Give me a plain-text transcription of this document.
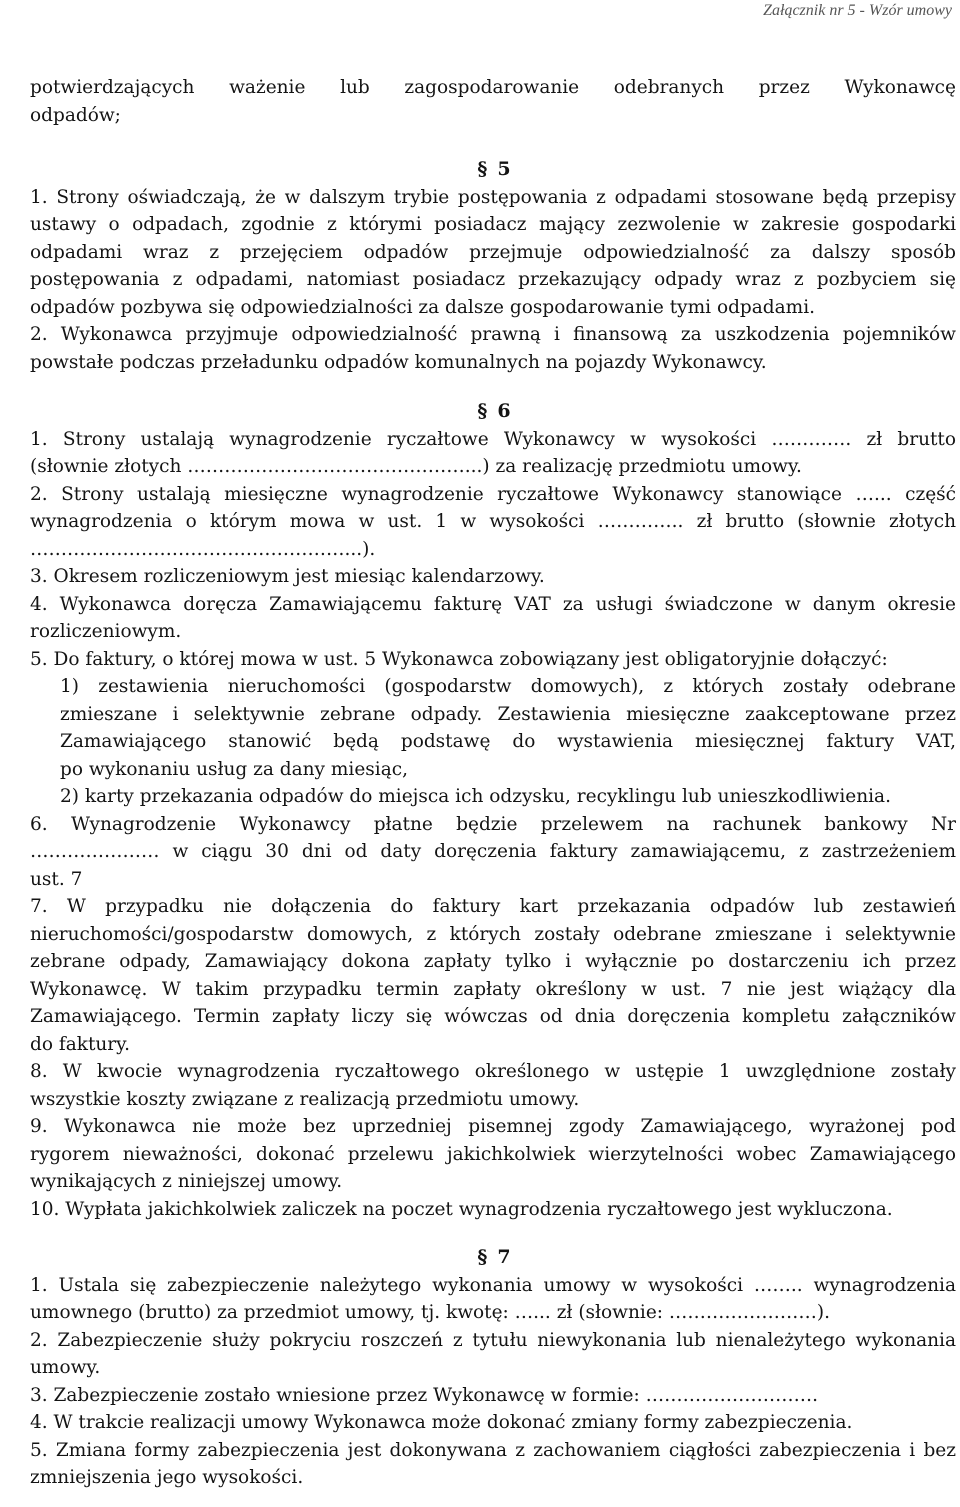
Załącznik nr 5 - Wzór umowy
potwierdzających ważenie lub zagospodarowanie odebranych przez Wykonawcę
odpadów;
§ 5
1. Strony oświadczają, że w dalszym trybie postępowania z odpadami stosowane będą przepisy
ustawy o odpadach, zgodnie z którymi posiadacz mający zezwolenie w zakresie gospodarki
odpadami wraz z przejęciem odpadów przejmuje odpowiedzialność za dalszy sposób
postępowania z odpadami, natomiast posiadacz przekazujący odpady wraz z pozbyciem się
odpadów pozbywa się odpowiedzialności za dalsze gospodarowanie tymi odpadami.
2. Wykonawca przyjmuje odpowiedzialność prawną i finansową za uszkodzenia pojemników
powstałe podczas przeładunku odpadów komunalnych na pojazdy Wykonawcy.
§ 6
1. Strony ustalają wynagrodzenie ryczałtowe Wykonawcy w wysokości …………. zł brutto
(słownie złotych ………………………………………...) za realizację przedmiotu umowy.
2. Strony ustalają miesięczne wynagrodzenie ryczałtowe Wykonawcy stanowiące …... część
wynagrodzenia o którym mowa w ust. 1 w wysokości ………….. zł brutto (słownie złotych
……………………………………………...).
3. Okresem rozliczeniowym jest miesiąc kalendarzowy.
4. Wykonawca doręcza Zamawiającemu fakturę VAT za usługi świadczone w danym okresie
rozliczeniowym.
5. Do faktury, o której mowa w ust. 5 Wykonawca zobowiązany jest obligatoryjnie dołączyć:
1) zestawienia nieruchomości (gospodarstw domowych), z których zostały odebrane
zmieszane i selektywnie zebrane odpady. Zestawienia miesięczne zaakceptowane przez
Zamawiającego stanowić będą podstawę do wystawienia miesięcznej faktury VAT,
po wykonaniu usług za dany miesiąc,
2) karty przekazania odpadów do miejsca ich odzysku, recyklingu lub unieszkodliwienia.
6. Wynagrodzenie Wykonawcy płatne będzie przelewem na rachunek bankowy Nr
………………… w ciągu 30 dni od daty doręczenia faktury zamawiającemu, z zastrzeżeniem
ust. 7
7. W przypadku nie dołączenia do faktury kart przekazania odpadów lub zestawień
nieruchomości/gospodarstw domowych, z których zostały odebrane zmieszane i selektywnie
zebrane odpady, Zamawiający dokona zapłaty tylko i wyłącznie po dostarczeniu ich przez
Wykonawcę. W takim przypadku termin zapłaty określony w ust. 7 nie jest wiążący dla
Zamawiającego. Termin zapłaty liczy się wówczas od dnia doręczenia kompletu załączników
do faktury.
8. W kwocie wynagrodzenia ryczałtowego określonego w ustępie 1 uwzględnione zostały
wszystkie koszty związane z realizacją przedmiotu umowy.
9. Wykonawca nie może bez uprzedniej pisemnej zgody Zamawiającego, wyrażonej pod
rygorem nieważności, dokonać przelewu jakichkolwiek wierzytelności wobec Zamawiającego
wynikających z niniejszej umowy.
10. Wypłata jakichkolwiek zaliczek na poczet wynagrodzenia ryczałtowego jest wykluczona.
§ 7
1. Ustala się zabezpieczenie należytego wykonania umowy w wysokości …….. wynagrodzenia
umownego (brutto) za przedmiot umowy, tj. kwotę: …... zł (słownie: ……………………).
2. Zabezpieczenie służy pokryciu roszczeń z tytułu niewykonania lub nienależytego wykonania
umowy.
3. Zabezpieczenie zostało wniesione przez Wykonawcę w formie: ……………………….
4. W trakcie realizacji umowy Wykonawca może dokonać zmiany formy zabezpieczenia.
5. Zmiana formy zabezpieczenia jest dokonywana z zachowaniem ciągłości zabezpieczenia i bez
zmniejszenia jego wysokości.
